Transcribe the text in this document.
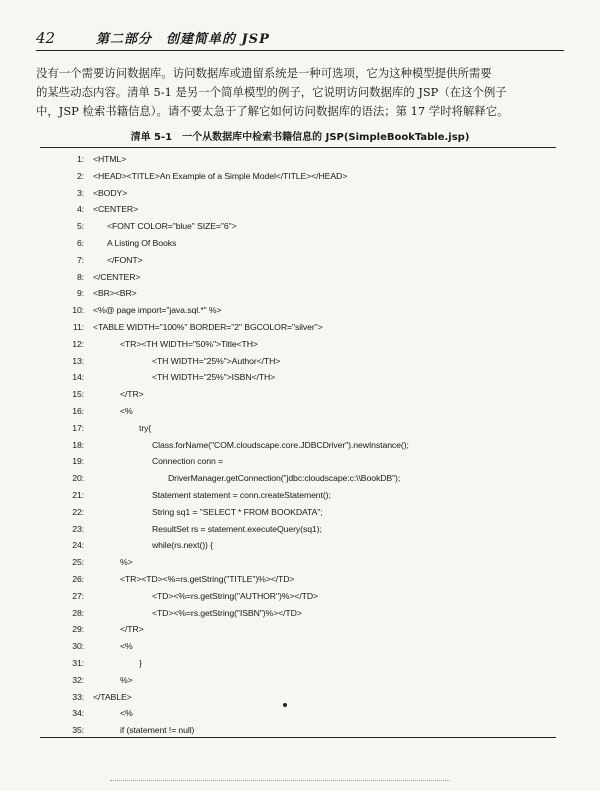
42	第二部分　创建简单的 JSP

没有一个需要访问数据库。访问数据库或遗留系统是一种可选项，它为这种模型提供所需要

的某些动态内容。清单 5-1 是另一个简单模型的例子，它说明访问数据库的 JSP（在这个例子

中，JSP 检索书籍信息）。请不要太急于了解它如何访问数据库的语法；第 17 学时将解释它。

清单 5-1　一个从数据库中检索书籍信息的 JSP(SimpleBookTable.jsp)
1: <HTML>
2: <HEAD><TITLE>An Example of a Simple Model</TITLE></HEAD>
3: <BODY>
4: <CENTER>
5:	<FONT COLOR="blue" SIZE="6">
6:	A Listing Of Books
7:	</FONT>
8: </CENTER>
9: <BR><BR>
10: <%@ page import="java.sql.*" %>
11: <TABLE WIDTH="100%" BORDER="2" BGCOLOR="silver">
12:	<TR><TH WIDTH="50%">Title<TH>
13:	<TH WIDTH="25%">Author</TH>
14:	<TH WIDTH="25%">ISBN</TH>
15:	</TR>
16:	<%
17:	try{
18:	Class.forName("COM.cloudscape.core.JDBCDriver").newInstance();
19:	Connection conn =
20:	DriverManager.getConnection("jdbc:cloudscape:c:\\BookDB");
21:	Statement statement = conn.createStatement();
22:	String sq1 = "SELECT * FROM BOOKDATA";
23:	ResultSet rs = statement.executeQuery(sq1);
24:	while(rs.next()) {
25:	%>
26:	<TR><TD><%=rs.getString("TITLE")%></TD>
27:	<TD><%=rs.getString("AUTHOR")%></TD>
28:	<TD><%=rs.getString("ISBN")%></TD>
29:	</TR>
30:	<%
31:	}
32:	%>
33: </TABLE>
34:	<%
35:	if (statement != null)
